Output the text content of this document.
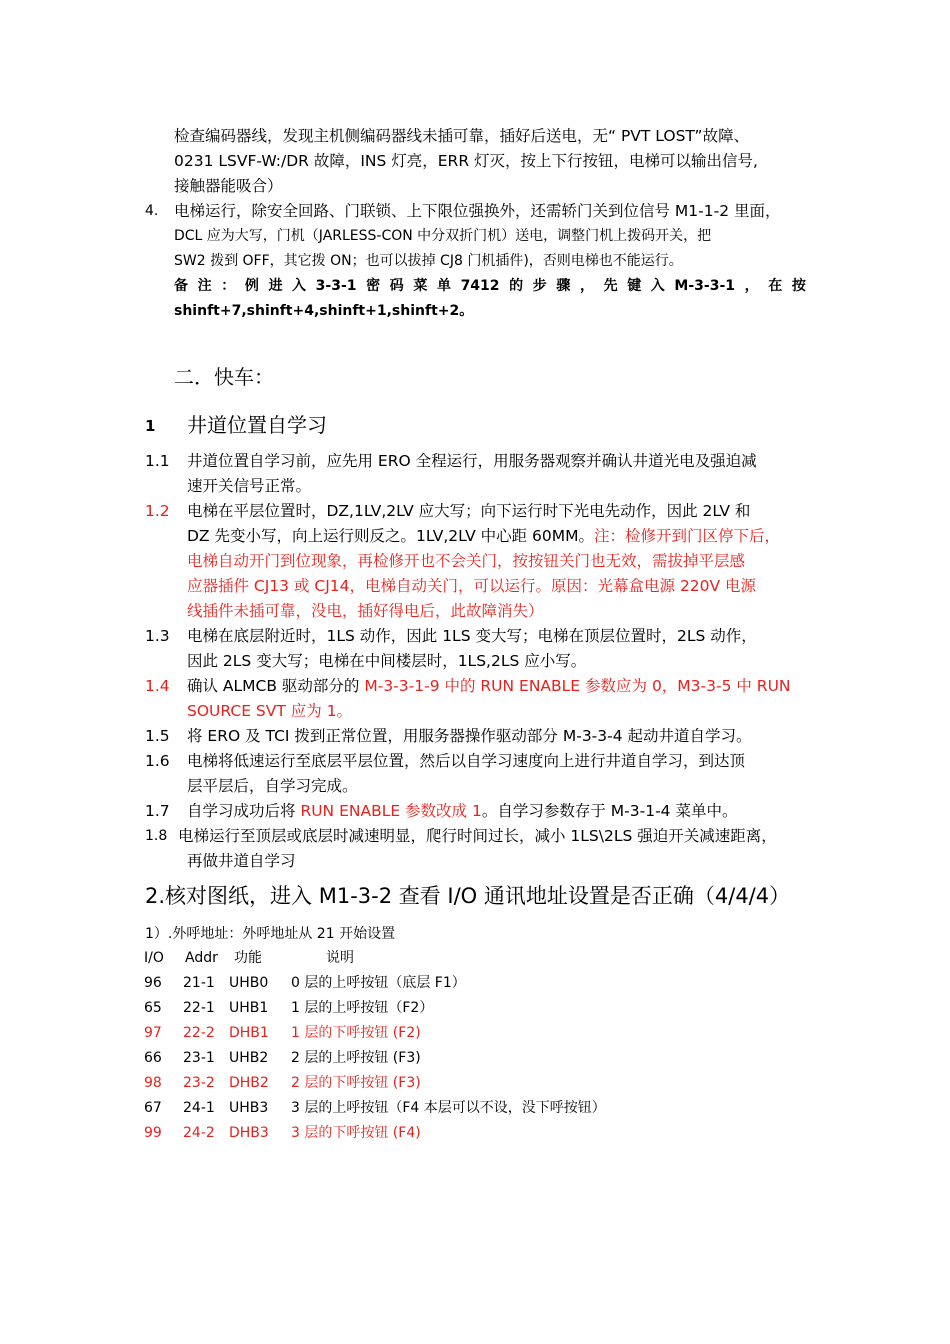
检查编码器线，发现主机侧编码器线未插可靠，插好后送电，无“ PVT LOST”故障、
0231 LSVF-W:/DR 故障，INS 灯亮，ERR 灯灭，按上下行按钮，电梯可以输出信号,
接触器能吸合）
4. 电梯运行，除安全回路、门联锁、上下限位强换外，还需轿门关到位信号 M1-1-2 里面，
DCL 应为大写，门机（JARLESS-CON 中分双折门机）送电，调整门机上拨码开关，把
SW2 拨到 OFF，其它拨 ON；也可以拔掉 CJ8 门机插件)，否则电梯也不能运行。
备 注 ： 例 进 入 3-3-1 密 码 菜 单 7412 的 步 骤 ， 先 键 入 M-3-3-1 ， 在 按
shinft+7,shinft+4,shinft+1,shinft+2。
二．快车：
1 井道位置自学习
1.1 井道位置自学习前，应先用 ERO 全程运行，用服务器观察并确认井道光电及强迫减
速开关信号正常。
1.2 电梯在平层位置时，DZ,1LV,2LV 应大写；向下运行时下光电先动作，因此 2LV 和
DZ 先变小写，向上运行则反之。1LV,2LV 中心距 60MM。注：检修开到门区停下后，
电梯自动开门到位现象，再检修开也不会关门，按按钮关门也无效，需拔掉平层感
应器插件 CJ13 或 CJ14，电梯自动关门，可以运行。原因：光幕盒电源 220V 电源
线插件未插可靠，没电，插好得电后，此故障消失）
1.3 电梯在底层附近时，1LS 动作，因此 1LS 变大写；电梯在顶层位置时，2LS 动作，
因此 2LS 变大写；电梯在中间楼层时，1LS,2LS 应小写。
1.4 确认 ALMCB 驱动部分的 M-3-3-1-9 中的 RUN ENABLE 参数应为 0，M3-3-5 中 RUN
SOURCE SVT 应为 1。
1.5 将 ERO 及 TCI 拨到正常位置，用服务器操作驱动部分 M-3-3-4 起动井道自学习。
1.6 电梯将低速运行至底层平层位置，然后以自学习速度向上进行井道自学习，到达顶
层平层后，自学习完成。
1.7 自学习成功后将 RUN ENABLE 参数改成 1。自学习参数存于 M-3-1-4 菜单中。
1.8 电梯运行至顶层或底层时减速明显，爬行时间过长，减小 1LS\2LS 强迫开关减速距离，
再做井道自学习
2.核对图纸，进入 M1-3-2 查看 I/O 通讯地址设置是否正确（4/4/4）
1）.外呼地址：外呼地址从 21 开始设置
I/O Addr 功能	说明
96 21-1 UHB0 0 层的上呼按钮（底层 F1）
65 22-1 UHB1 1 层的上呼按钮（F2）
97 22-2 DHB1 1 层的下呼按钮 (F2)
66 23-1 UHB2 2 层的上呼按钮 (F3)
98 23-2 DHB2 2 层的下呼按钮 (F3)
67 24-1 UHB3 3 层的上呼按钮（F4 本层可以不设，没下呼按钮）
99 24-2 DHB3 3 层的下呼按钮 (F4)
